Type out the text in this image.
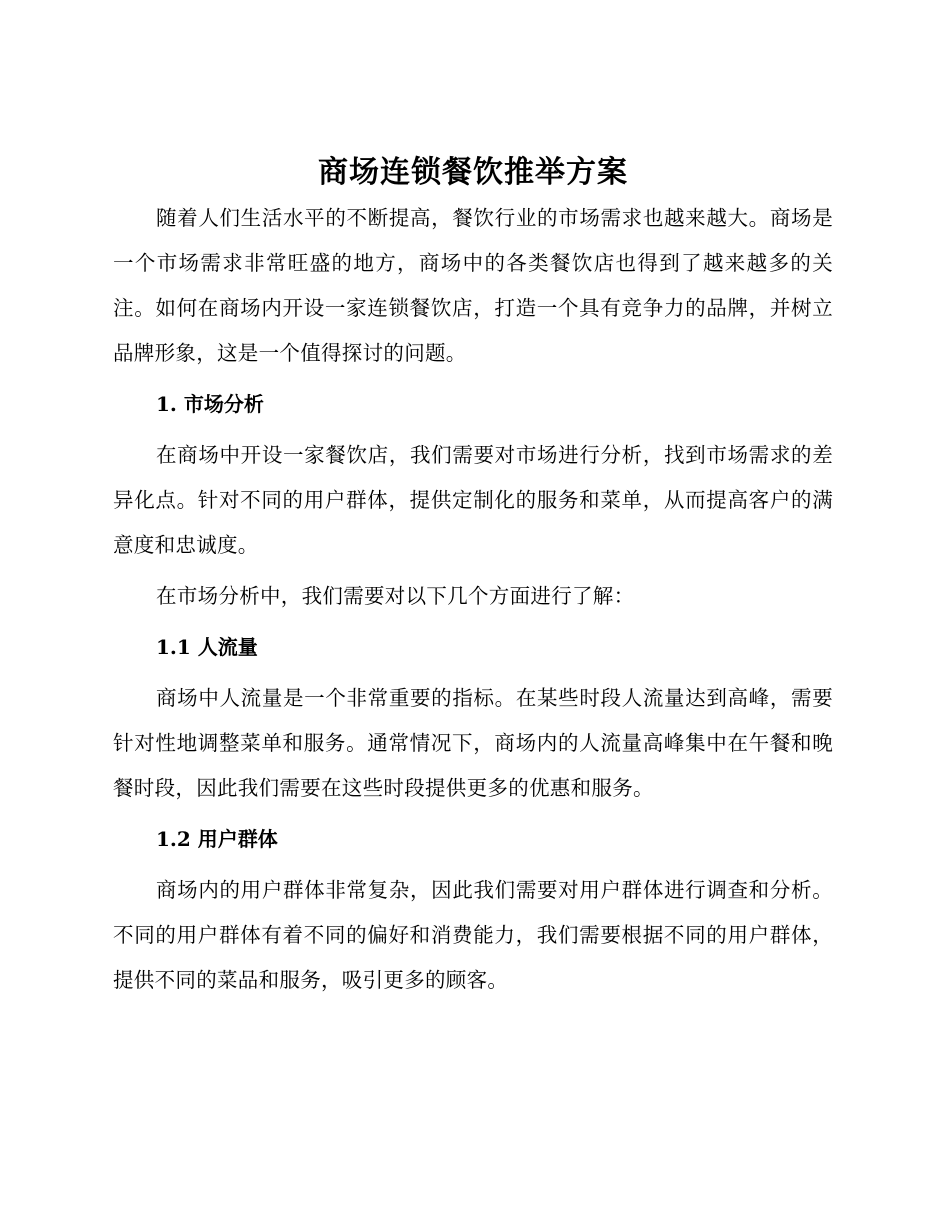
商场连锁餐饮推举方案

随着人们生活水平的不断提高，餐饮行业的市场需求也越来越大。商场是一个市场需求非常旺盛的地方，商场中的各类餐饮店也得到了越来越多的关注。如何在商场内开设一家连锁餐饮店，打造一个具有竞争力的品牌，并树立品牌形象，这是一个值得探讨的问题。

1. 市场分析

在商场中开设一家餐饮店，我们需要对市场进行分析，找到市场需求的差异化点。针对不同的用户群体，提供定制化的服务和菜单，从而提高客户的满意度和忠诚度。

在市场分析中，我们需要对以下几个方面进行了解：

1.1 人流量

商场中人流量是一个非常重要的指标。在某些时段人流量达到高峰，需要针对性地调整菜单和服务。通常情况下，商场内的人流量高峰集中在午餐和晚餐时段，因此我们需要在这些时段提供更多的优惠和服务。

1.2 用户群体

商场内的用户群体非常复杂，因此我们需要对用户群体进行调查和分析。不同的用户群体有着不同的偏好和消费能力，我们需要根据不同的用户群体，提供不同的菜品和服务，吸引更多的顾客。
